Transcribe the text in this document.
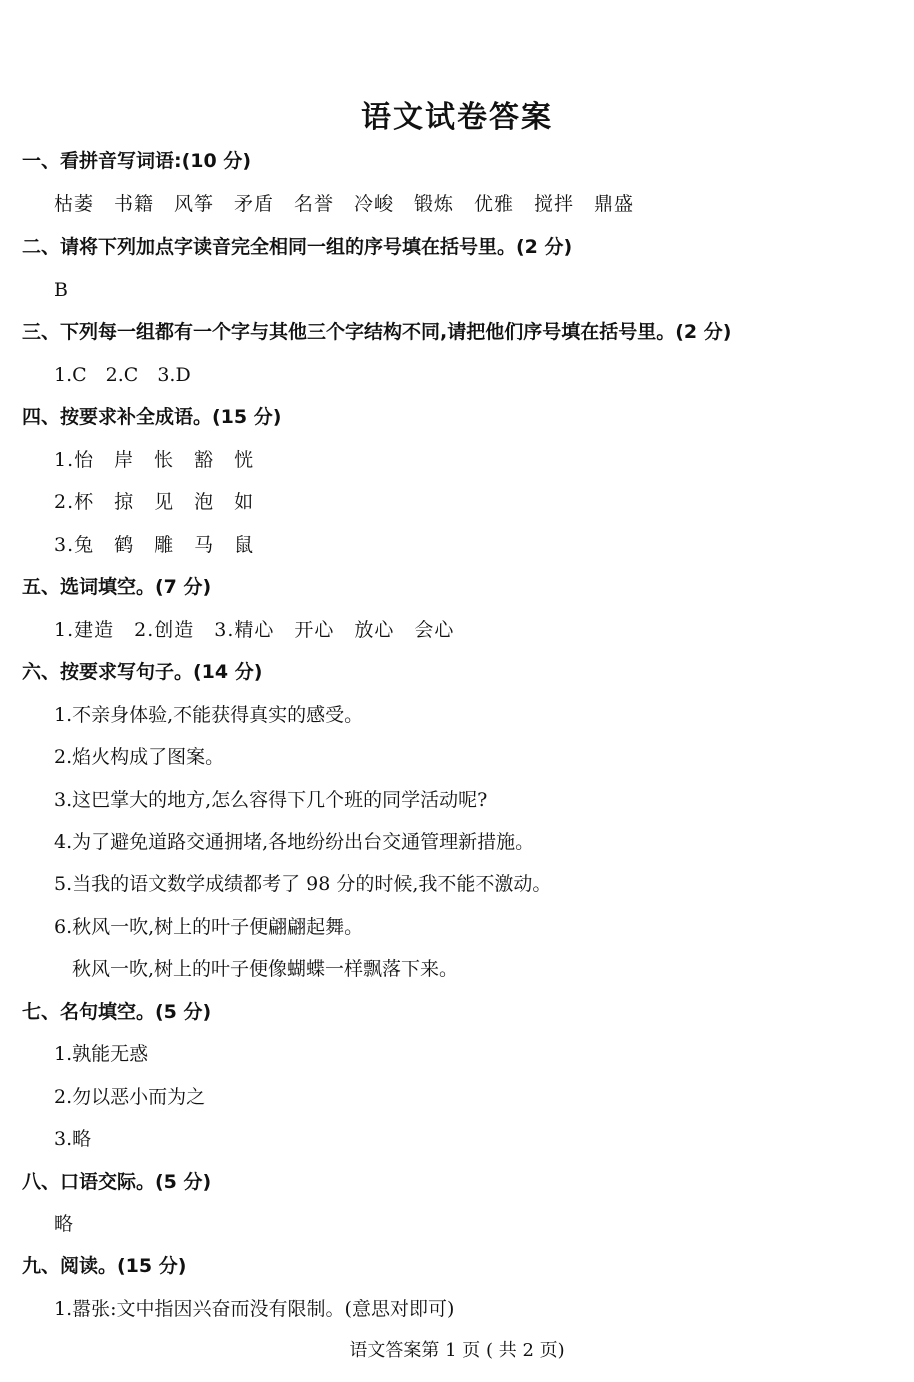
语文试卷答案
一、看拼音写词语:(10 分)
枯萎　书籍　风筝　矛盾　名誉　冷峻　锻炼　优雅　搅拌　鼎盛
二、请将下列加点字读音完全相同一组的序号填在括号里。(2 分)
B
三、下列每一组都有一个字与其他三个字结构不同,请把他们序号填在括号里。(2 分)
1.C　2.C　3.D
四、按要求补全成语。(15 分)
1.怡　岸　怅　豁　恍
2.杯　掠　见　泡　如
3.兔　鹤　雕　马　鼠
五、选词填空。(7 分)
1.建造　2.创造　3.精心　开心　放心　会心
六、按要求写句子。(14 分)
1.不亲身体验,不能获得真实的感受。
2.焰火构成了图案。
3.这巴掌大的地方,怎么容得下几个班的同学活动呢?
4.为了避免道路交通拥堵,各地纷纷出台交通管理新措施。
5.当我的语文数学成绩都考了 98 分的时候,我不能不激动。
6.秋风一吹,树上的叶子便翩翩起舞。
秋风一吹,树上的叶子便像蝴蝶一样飘落下来。
七、名句填空。(5 分)
1.孰能无惑
2.勿以恶小而为之
3.略
八、口语交际。(5 分)
略
九、阅读。(15 分)
1.嚣张:文中指因兴奋而没有限制。(意思对即可)
语文答案第 1 页 ( 共 2 页)
